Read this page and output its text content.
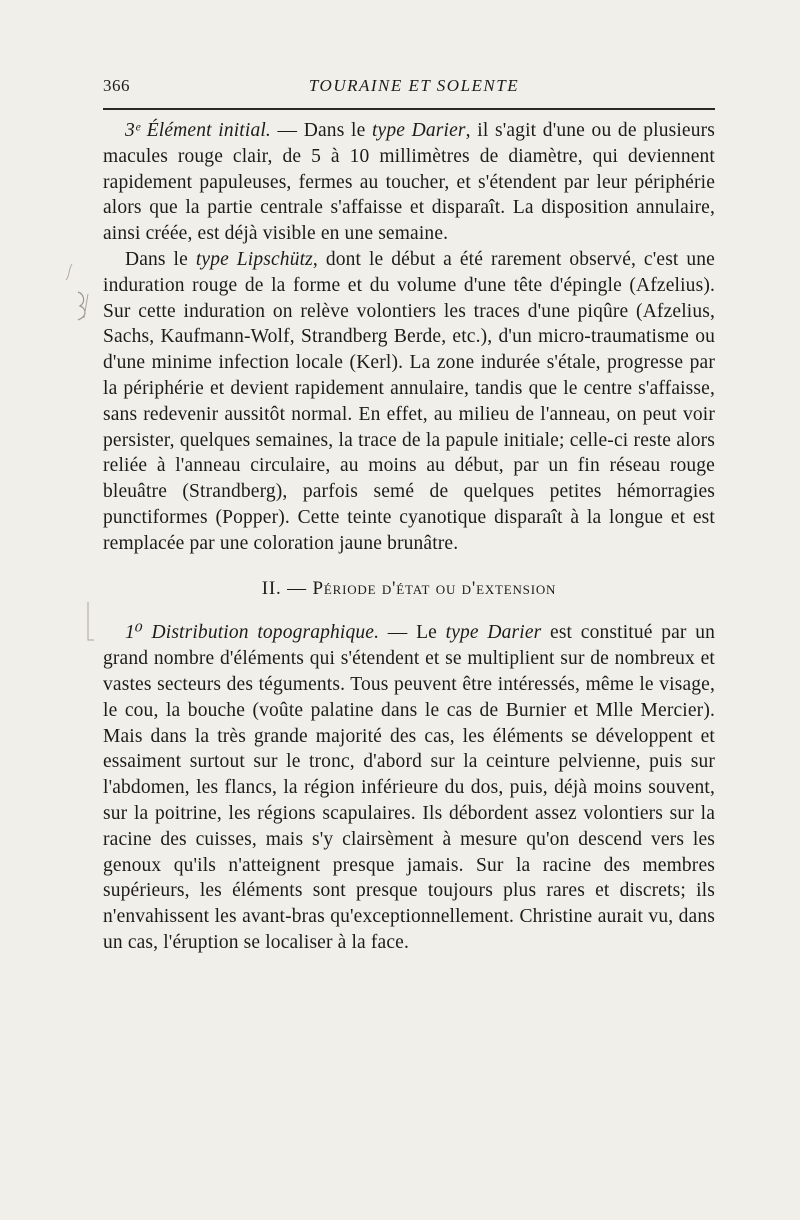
366	TOURAINE ET SOLENTE

3ᵉ Élément initial. — Dans le type Darier, il s'agit d'une ou de plusieurs macules rouge clair, de 5 à 10 millimètres de diamètre, qui deviennent rapidement papuleuses, fermes au toucher, et s'étendent par leur périphérie alors que la partie centrale s'affaisse et disparaît. La disposition annulaire, ainsi créée, est déjà visible en une semaine.

Dans le type Lipschütz, dont le début a été rarement observé, c'est une induration rouge de la forme et du volume d'une tête d'épingle (Afzelius). Sur cette induration on relève volontiers les traces d'une piqûre (Afzelius, Sachs, Kaufmann-Wolf, Strandberg Berde, etc.), d'un micro-traumatisme ou d'une minime infection locale (Kerl). La zone indurée s'étale, progresse par la périphérie et devient rapidement annulaire, tandis que le centre s'affaisse, sans redevenir aussitôt normal. En effet, au milieu de l'anneau, on peut voir persister, quelques semaines, la trace de la papule initiale; celle-ci reste alors reliée à l'anneau circulaire, au moins au début, par un fin réseau rouge bleuâtre (Strandberg), parfois semé de quelques petites hémorragies punctiformes (Popper). Cette teinte cyanotique disparaît à la longue et est remplacée par une coloration jaune brunâtre.

II. — Période d'état ou d'extension

1⁰ Distribution topographique. — Le type Darier est constitué par un grand nombre d'éléments qui s'étendent et se multiplient sur de nombreux et vastes secteurs des téguments. Tous peuvent être intéressés, même le visage, le cou, la bouche (voûte palatine dans le cas de Burnier et Mlle Mercier). Mais dans la très grande majorité des cas, les éléments se développent et essaiment surtout sur le tronc, d'abord sur la ceinture pelvienne, puis sur l'abdomen, les flancs, la région inférieure du dos, puis, déjà moins souvent, sur la poitrine, les régions scapulaires. Ils débordent assez volontiers sur la racine des cuisses, mais s'y clairsèment à mesure qu'on descend vers les genoux qu'ils n'atteignent presque jamais. Sur la racine des membres supérieurs, les éléments sont presque toujours plus rares et discrets; ils n'envahissent les avant-bras qu'exceptionnellement. Christine aurait vu, dans un cas, l'éruption se localiser à la face.
